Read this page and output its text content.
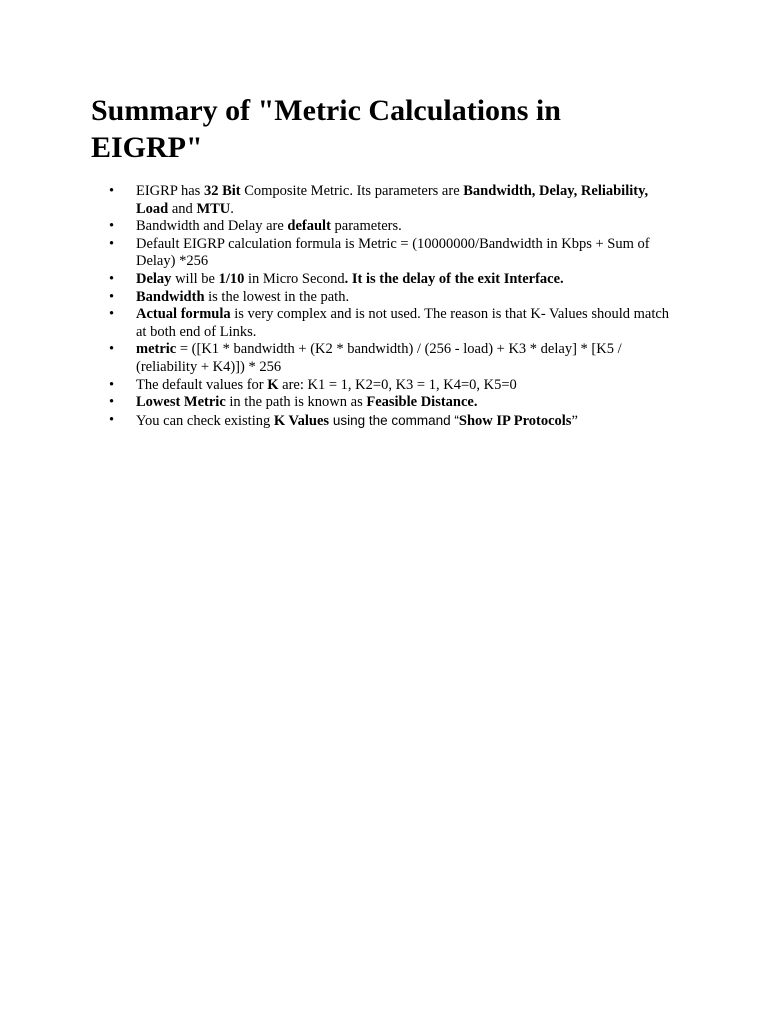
Summary of "Metric Calculations in EIGRP"
• EIGRP has 32 Bit Composite Metric. Its parameters are Bandwidth, Delay, Reliability, Load and MTU.
• Bandwidth and Delay are default parameters.
• Default EIGRP calculation formula is Metric = (10000000/Bandwidth in Kbps + Sum of Delay) *256
• Delay will be 1/10 in Micro Second. It is the delay of the exit Interface.
• Bandwidth is the lowest in the path.
• Actual formula is very complex and is not used. The reason is that K- Values should match at both end of Links.
• metric = ([K1 * bandwidth + (K2 * bandwidth) / (256 - load) + K3 * delay] * [K5 / (reliability + K4)]) * 256
• The default values for K are: K1 = 1, K2=0, K3 = 1, K4=0, K5=0
• Lowest Metric in the path is known as Feasible Distance.
• You can check existing K Values using the command “Show IP Protocols”
